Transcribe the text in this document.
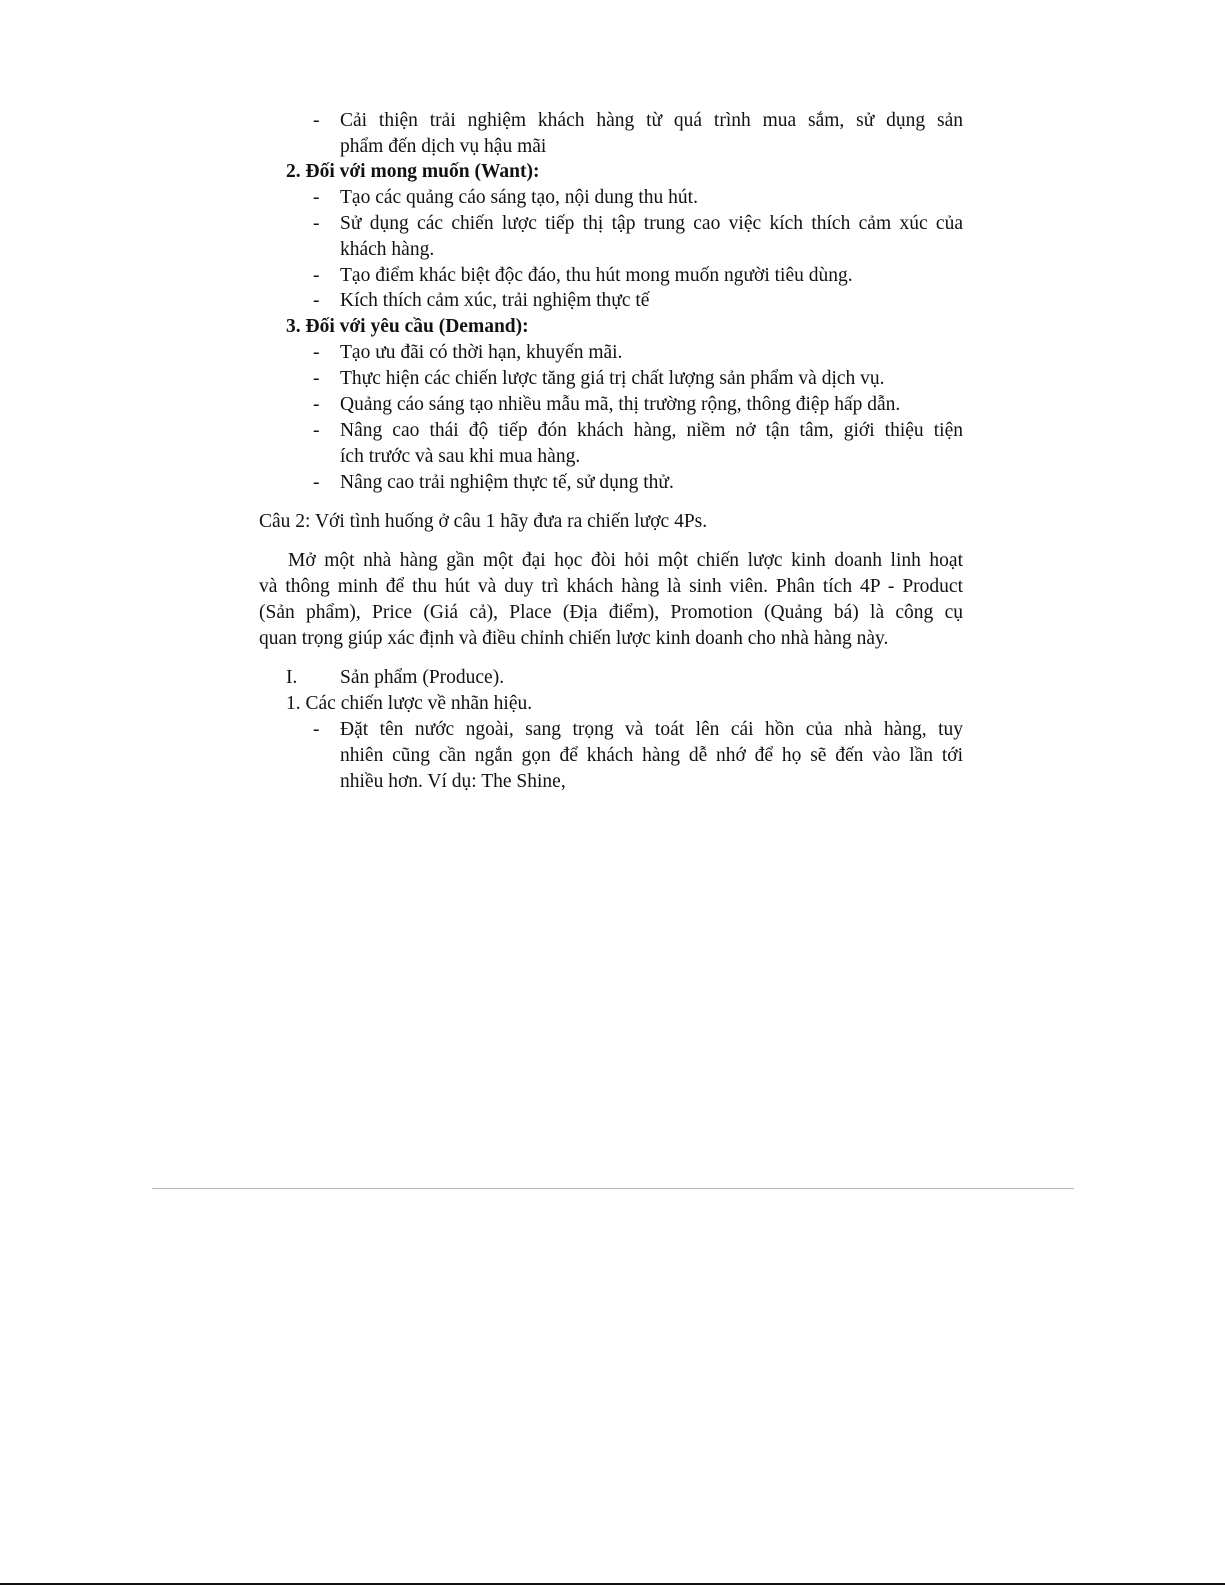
- Cải thiện trải nghiệm khách hàng từ quá trình mua sắm, sử dụng sản
phẩm đến dịch vụ hậu mãi
2. Đối với mong muốn (Want):
- Tạo các quảng cáo sáng tạo, nội dung thu hút.
- Sử dụng các chiến lược tiếp thị tập trung cao việc kích thích cảm xúc của
khách hàng.
- Tạo điểm khác biệt độc đáo, thu hút mong muốn người tiêu dùng.
- Kích thích cảm xúc, trải nghiệm thực tế
3. Đối với yêu cầu (Demand):
- Tạo ưu đãi có thời hạn, khuyến mãi.
- Thực hiện các chiến lược tăng giá trị chất lượng sản phẩm và dịch vụ.
- Quảng cáo sáng tạo nhiều mẫu mã, thị trường rộng, thông điệp hấp dẫn.
- Nâng cao thái độ tiếp đón khách hàng, niềm nở tận tâm, giới thiệu tiện
ích trước và sau khi mua hàng.
- Nâng cao trải nghiệm thực tế, sử dụng thử.
Câu 2: Với tình huống ở câu 1 hãy đưa ra chiến lược 4Ps.
Mở một nhà hàng gần một đại học đòi hỏi một chiến lược kinh doanh linh hoạt
và thông minh để thu hút và duy trì khách hàng là sinh viên. Phân tích 4P - Product
(Sản phẩm), Price (Giá cả), Place (Địa điểm), Promotion (Quảng bá) là công cụ
quan trọng giúp xác định và điều chỉnh chiến lược kinh doanh cho nhà hàng này.
I. Sản phẩm (Produce).
1. Các chiến lược về nhãn hiệu.
- Đặt tên nước ngoài, sang trọng và toát lên cái hồn của nhà hàng, tuy
nhiên cũng cần ngắn gọn để khách hàng dễ nhớ để họ sẽ đến vào lần tới
nhiều hơn. Ví dụ: The Shine,
